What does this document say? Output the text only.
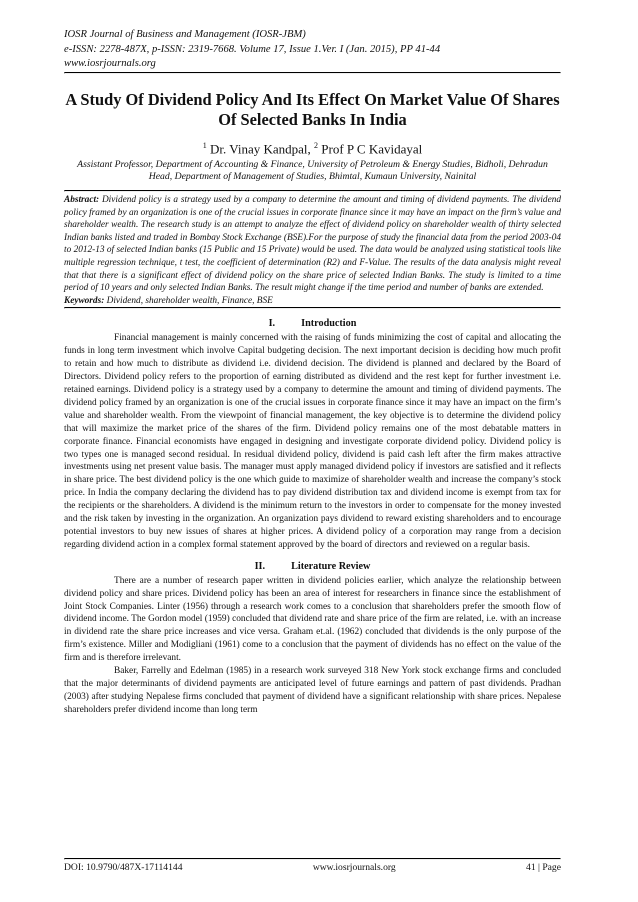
IOSR Journal of Business and Management (IOSR-JBM)
e-ISSN: 2278-487X, p-ISSN: 2319-7668. Volume 17, Issue 1.Ver. I (Jan. 2015), PP 41-44
www.iosrjournals.org
A Study Of Dividend Policy And Its Effect On Market Value Of Shares Of Selected Banks In India
$^1$ Dr. Vinay Kandpal, $^2$ Prof P C Kavidayal
Assistant Professor, Department of Accounting & Finance, University of Petroleum & Energy Studies, Bidholi, Dehradun
Head, Department of Management of Studies, Bhimtal, Kumaun University, Nainital
Abstract: Dividend policy is a strategy used by a company to determine the amount and timing of dividend payments. The dividend policy framed by an organization is one of the crucial issues in corporate finance since it may have an impact on the firm’s value and shareholder wealth. The research study is an attempt to analyze the effect of dividend policy on shareholder wealth of thirty selected Indian banks listed and traded in Bombay Stock Exchange (BSE).For the purpose of study the financial data from the period 2003-04 to 2012-13 of selected Indian banks (15 Public and 15 Private) would be used. The data would be analyzed using statistical tools like multiple regression technique, t test, the coefficient of determination (R2) and F-Value. The results of the data analysis might reveal that that there is a significant effect of dividend policy on the share price of selected Indian Banks. The study is limited to a time period of 10 years and only selected Indian Banks. The result might change if the time period and number of banks are extended.
Keywords: Dividend, shareholder wealth, Finance, BSE
I.	Introduction

Financial management is mainly concerned with the raising of funds minimizing the cost of capital and allocating the funds in long term investment which involve Capital budgeting decision. The next important decision is deciding how much profit to retain and how much to distribute as dividend i.e. dividend decision. The dividend is planned and declared by the Board of Directors. Dividend policy refers to the proportion of earning distributed as dividend and the rest kept for further investment i.e. retained earnings. Dividend policy is a strategy used by a company to determine the amount and timing of dividend payments. The dividend policy framed by an organization is one of the crucial issues in corporate finance since it may have an impact on the firm’s value and shareholder wealth. From the viewpoint of financial management, the key objective is to determine the dividend policy that will maximize the market price of the shares of the firm. Dividend policy remains one of the most debatable matters in corporate finance. Financial economists have engaged in designing and investigate corporate dividend policy. Dividend policy is two types one is managed second residual. In residual dividend policy, dividend is paid cash left after the firm makes attractive investments using net present value basis. The manager must apply managed dividend policy if investors are satisfied and it reflects in share price. The best dividend policy is the one which guide to maximize of shareholder wealth and increase the company’s stock price. In India the company declaring the dividend has to pay dividend distribution tax and dividend income is exempt from tax for the recipients or the shareholders. A dividend is the minimum return to the investors in order to compensate for the money invested and the risk taken by investing in the organization. An organization pays dividend to reward existing shareholders and to encourage potential investors to buy new issues of shares at higher prices. A dividend policy of a corporation may range from a decision regarding dividend action in a complex formal statement approved by the board of directors and reviewed on a regular basis.

II.	Literature Review

There are a number of research paper written in dividend policies earlier, which analyze the relationship between dividend policy and share prices. Dividend policy has been an area of interest for researchers in finance since the establishment of Joint Stock Companies. Linter (1956) through a research work comes to a conclusion that shareholders prefer the smooth flow of dividend income. The Gordon model (1959) concluded that dividend rate and share price of the firm are related, i.e. with an increase in dividend rate the share price increases and vice versa. Graham et.al. (1962) concluded that dividends is the only purpose of the firm’s existence. Miller and Modigliani (1961) come to a conclusion that the payment of dividends has no effect on the value of the firm and is therefore irrelevant.

Baker, Farrelly and Edelman (1985) in a research work surveyed 318 New York stock exchange firms and concluded that the major determinants of dividend payments are anticipated level of future earnings and pattern of past dividends. Pradhan (2003) after studying Nepalese firms concluded that payment of dividend have a significant relationship with share prices. Nepalese shareholders prefer dividend income than long term

DOI: 10.9790/487X-17114144	www.iosrjournals.org	41 | Page
